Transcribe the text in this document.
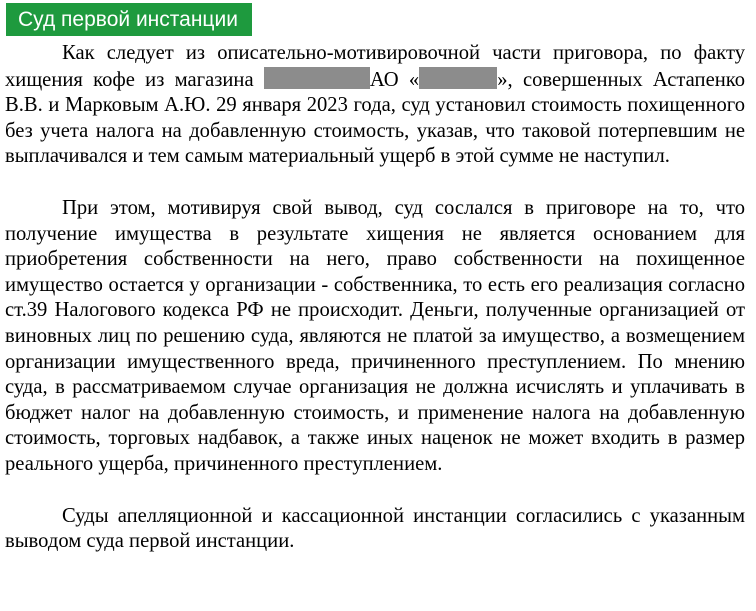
Суд первой инстанции

Как следует из описательно-мотивировочной части приговора, по факту хищения кофе из магазина	АО «	», совершенных Астапенко В.В. и Марковым А.Ю. 29 января 2023 года, суд установил стоимость похищенного без учета налога на добавленную стоимость, указав, что таковой потерпевшим не выплачивался и тем самым материальный ущерб в этой сумме не наступил.

При этом, мотивируя свой вывод, суд сослался в приговоре на то, что получение имущества в результате хищения не является основанием для приобретения собственности на него, право собственности на похищенное имущество остается у организации - собственника, то есть его реализация согласно ст.39 Налогового кодекса РФ не происходит. Деньги, полученные организацией от виновных лиц по решению суда, являются не платой за имущество, а возмещением организации имущественного вреда, причиненного преступлением. По мнению суда, в рассматриваемом случае организация не должна исчислять и уплачивать в бюджет налог на добавленную стоимость, и применение налога на добавленную стоимость, торговых надбавок, а также иных наценок не может входить в размер реального ущерба, причиненного преступлением.

Суды апелляционной и кассационной инстанции согласились с указанным выводом суда первой инстанции.
